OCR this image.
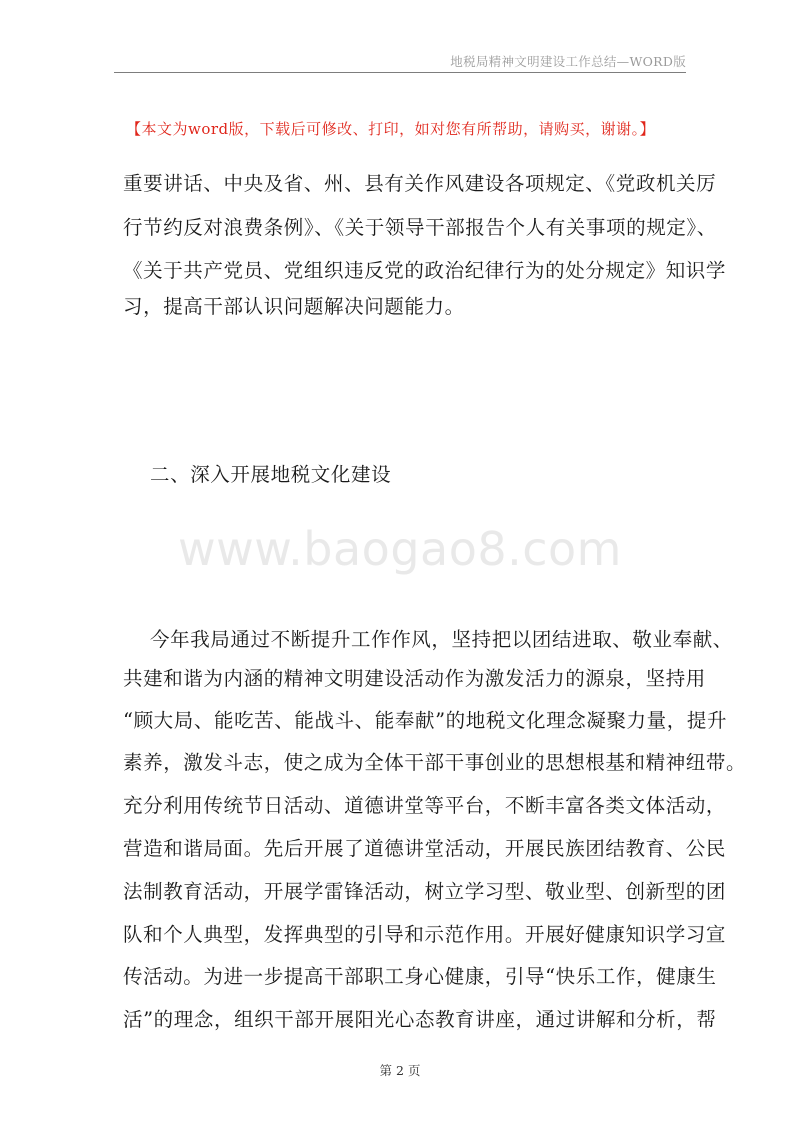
地税局精神文明建设工作总结—WORD版
【本文为word版，下载后可修改、打印，如对您有所帮助，请购买，谢谢。】
重要讲话、中央及省、州、县有关作风建设各项规定、《党政机关厉
行节约反对浪费条例》、《关于领导干部报告个人有关事项的规定》、
《关于共产党员、党组织违反党的政治纪律行为的处分规定》知识学
习，提高干部认识问题解决问题能力。
二、深入开展地税文化建设
今年我局通过不断提升工作作风，坚持把以团结进取、敬业奉献、
共建和谐为内涵的精神文明建设活动作为激发活力的源泉，坚持用
“顾大局、能吃苦、能战斗、能奉献”的地税文化理念凝聚力量，提升
素养，激发斗志，使之成为全体干部干事创业的思想根基和精神纽带。
充分利用传统节日活动、道德讲堂等平台，不断丰富各类文体活动，
营造和谐局面。先后开展了道德讲堂活动，开展民族团结教育、公民
法制教育活动，开展学雷锋活动，树立学习型、敬业型、创新型的团
队和个人典型，发挥典型的引导和示范作用。开展好健康知识学习宣
传活动。为进一步提高干部职工身心健康，引导“快乐工作，健康生
活”的理念，组织干部开展阳光心态教育讲座，通过讲解和分析，帮
www.baogao8.com
第 2 页
